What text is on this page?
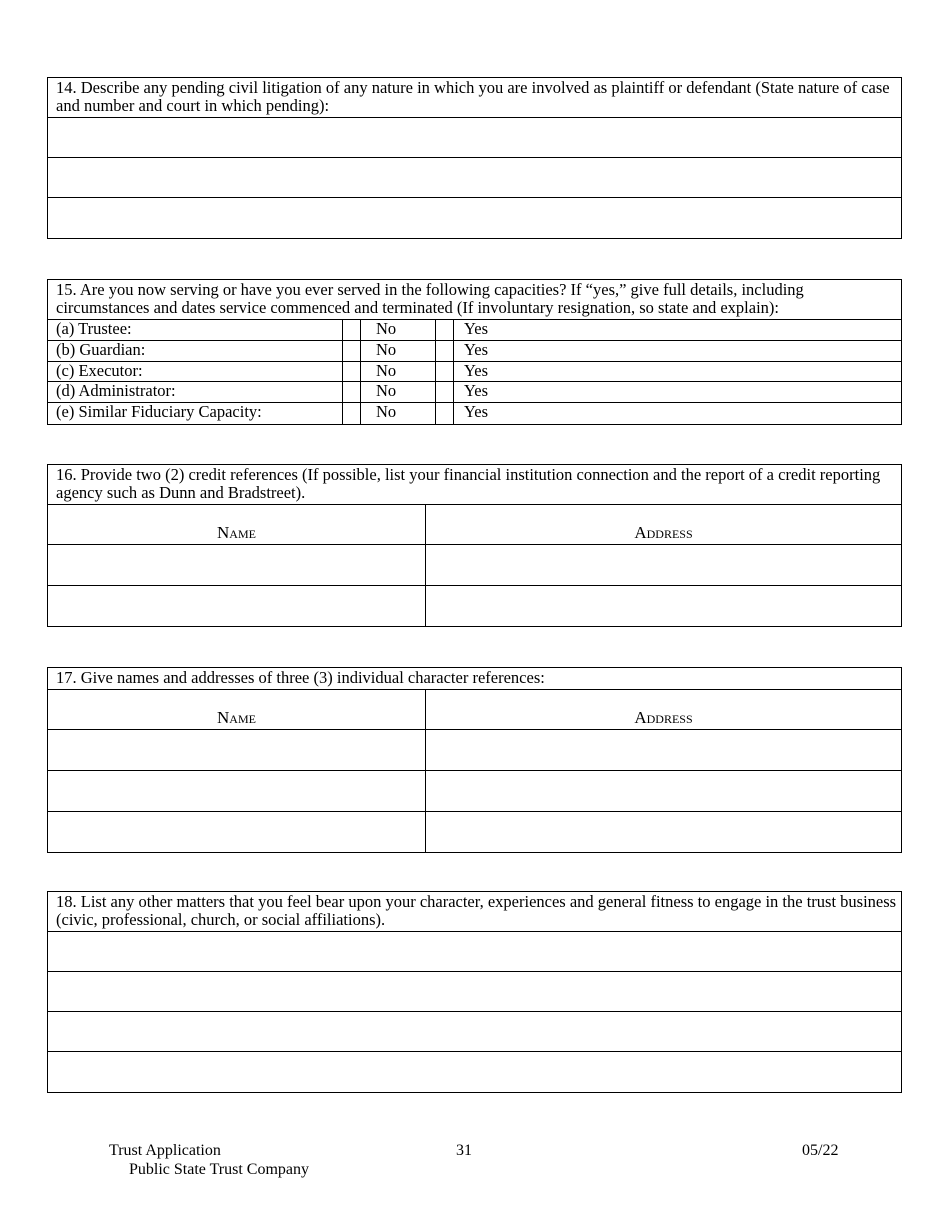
14. Describe any pending civil litigation of any nature in which you are involved as plaintiff or defendant (State nature of case and number and court in which pending):
15. Are you now serving or have you ever served in the following capacities? If “yes,” give full details, including circumstances and dates service commenced and terminated (If involuntary resignation, so state and explain):
(a) Trustee:	No	Yes
(b) Guardian:	No	Yes
(c) Executor:	No	Yes
(d) Administrator:	No	Yes
(e) Similar Fiduciary Capacity:	No	Yes
16. Provide two (2) credit references (If possible, list your financial institution connection and the report of a credit reporting agency such as Dunn and Bradstreet).
Name	Address
17. Give names and addresses of three (3) individual character references:
Name	Address
18. List any other matters that you feel bear upon your character, experiences and general fitness to engage in the trust business (civic, professional, church, or social affiliations).
Trust Application
Public State Trust Company
31	05/22
